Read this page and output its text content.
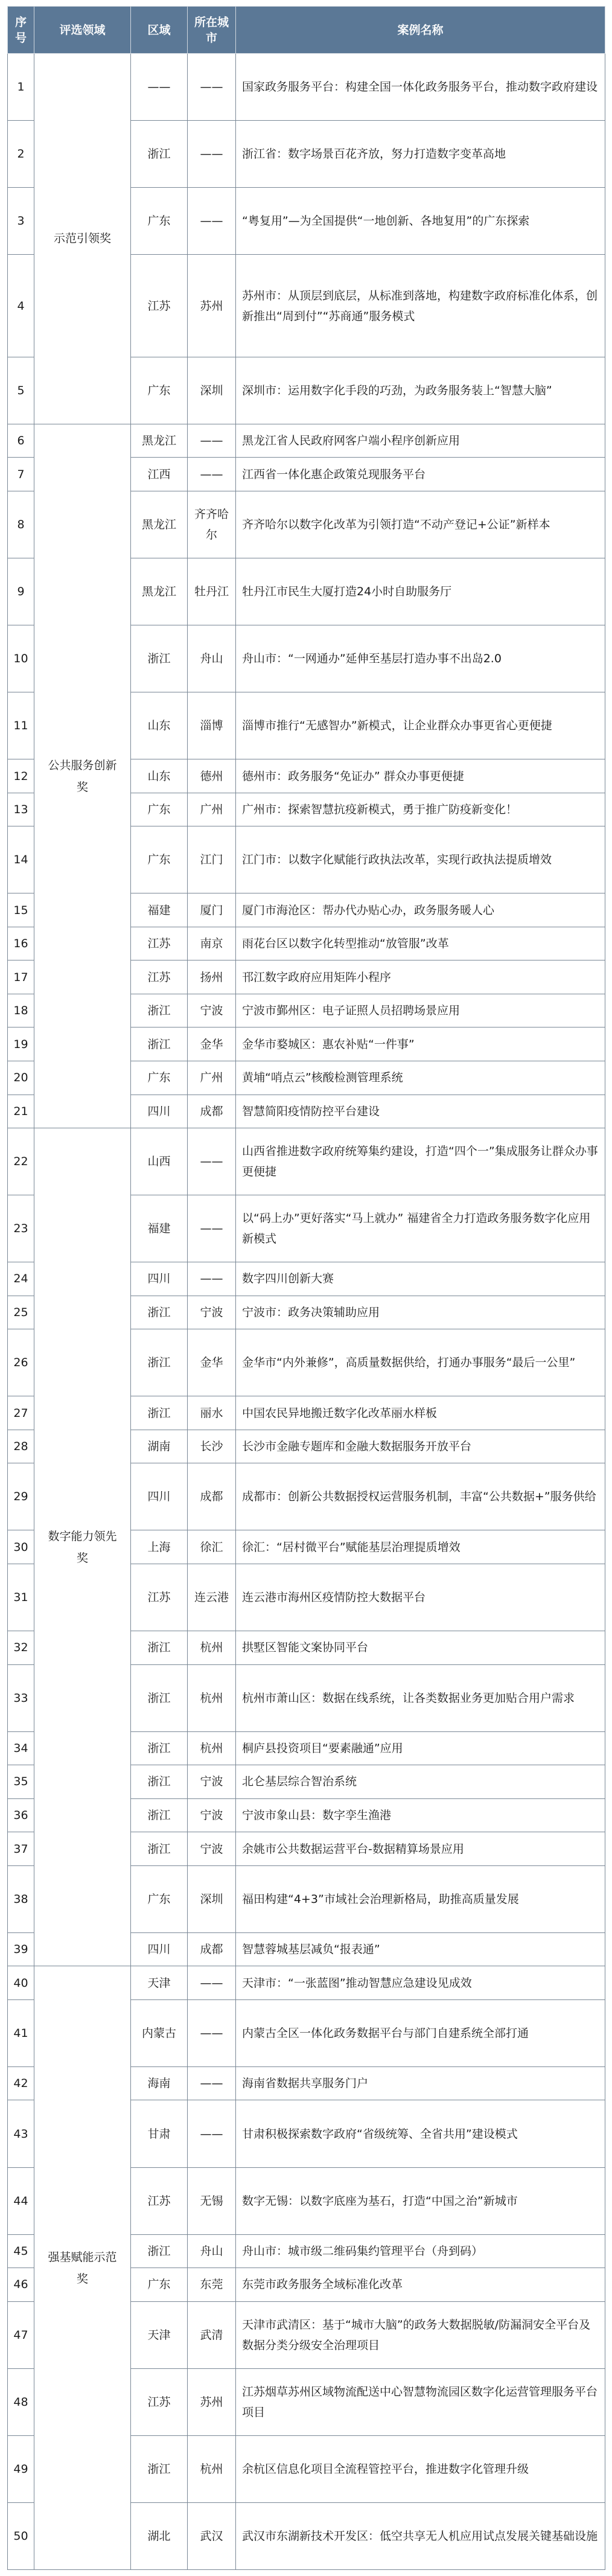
序号	评选领域	区域	所在城市	案例名称
1	示范引领奖	——	——	国家政务服务平台：构建全国一体化政务服务平台，推动数字政府建设
2		浙江	——	浙江省：数字场景百花齐放，努力打造数字变革高地
3		广东	——	“粤复用”—为全国提供“一地创新、各地复用”的广东探索
4		江苏	苏州	苏州市：从顶层到底层，从标准到落地，构建数字政府标准化体系，创新推出“周到付”“苏商通”服务模式
5		广东	深圳	深圳市：运用数字化手段的巧劲，为政务服务装上“智慧大脑”
6	公共服务创新奖	黑龙江	——	黑龙江省人民政府网客户端小程序创新应用
7		江西	——	江西省一体化惠企政策兑现服务平台
8		黑龙江	齐齐哈尔	齐齐哈尔以数字化改革为引领打造“不动产登记+公证”新样本
9		黑龙江	牡丹江	牡丹江市民生大厦打造24小时自助服务厅
10		浙江	舟山	舟山市：“一网通办”延伸至基层打造办事不出岛2.0
11		山东	淄博	淄博市推行“无感智办”新模式，让企业群众办事更省心更便捷
12		山东	德州	德州市：政务服务“免证办” 群众办事更便捷
13		广东	广州	广州市：探索智慧抗疫新模式，勇于推广防疫新变化！
14		广东	江门	江门市：以数字化赋能行政执法改革，实现行政执法提质增效
15		福建	厦门	厦门市海沧区：帮办代办贴心办，政务服务暖人心
16		江苏	南京	雨花台区以数字化转型推动“放管服”改革
17		江苏	扬州	邗江数字政府应用矩阵小程序
18		浙江	宁波	宁波市鄞州区：电子证照人员招聘场景应用
19		浙江	金华	金华市婺城区：惠农补贴“一件事”
20		广东	广州	黄埔“哨点云”核酸检测管理系统
21		四川	成都	智慧简阳疫情防控平台建设
22	数字能力领先奖	山西	——	山西省推进数字政府统筹集约建设，打造“四个一”集成服务让群众办事更便捷
23		福建	——	以“码上办”更好落实“马上就办” 福建省全力打造政务服务数字化应用新模式
24		四川	——	数字四川创新大赛
25		浙江	宁波	宁波市：政务决策辅助应用
26		浙江	金华	金华市“内外兼修”，高质量数据供给，打通办事服务“最后一公里”
27		浙江	丽水	中国农民异地搬迁数字化改革丽水样板
28		湖南	长沙	长沙市金融专题库和金融大数据服务开放平台
29		四川	成都	成都市：创新公共数据授权运营服务机制，丰富“公共数据+”服务供给
30		上海	徐汇	徐汇：“居村微平台”赋能基层治理提质增效
31		江苏	连云港	连云港市海州区疫情防控大数据平台
32		浙江	杭州	拱墅区智能文案协同平台
33		浙江	杭州	杭州市萧山区：数据在线系统，让各类数据业务更加贴合用户需求
34		浙江	杭州	桐庐县投资项目“要素融通”应用
35		浙江	宁波	北仑基层综合智治系统
36		浙江	宁波	宁波市象山县：数字孪生渔港
37		浙江	宁波	余姚市公共数据运营平台-数据精算场景应用
38		广东	深圳	福田构建“4+3”市域社会治理新格局，助推高质量发展
39		四川	成都	智慧蓉城基层减负“报表通”
40	强基赋能示范奖	天津	——	天津市：“一张蓝图”推动智慧应急建设见成效
41		内蒙古	——	内蒙古全区一体化政务数据平台与部门自建系统全部打通
42		海南	——	海南省数据共享服务门户
43		甘肃	——	甘肃积极探索数字政府“省级统筹、全省共用”建设模式
44		江苏	无锡	数字无锡：以数字底座为基石，打造“中国之治”新城市
45		浙江	舟山	舟山市：城市级二维码集约管理平台（舟到码）
46		广东	东莞	东莞市政务服务全域标准化改革
47		天津	武清	天津市武清区：基于“城市大脑”的政务大数据脱敏/防漏洞安全平台及数据分类分级安全治理项目
48		江苏	苏州	江苏烟草苏州区域物流配送中心智慧物流园区数字化运营管理服务平台项目
49		浙江	杭州	余杭区信息化项目全流程管控平台，推进数字化管理升级
50		湖北	武汉	武汉市东湖新技术开发区：低空共享无人机应用试点发展关键基础设施
